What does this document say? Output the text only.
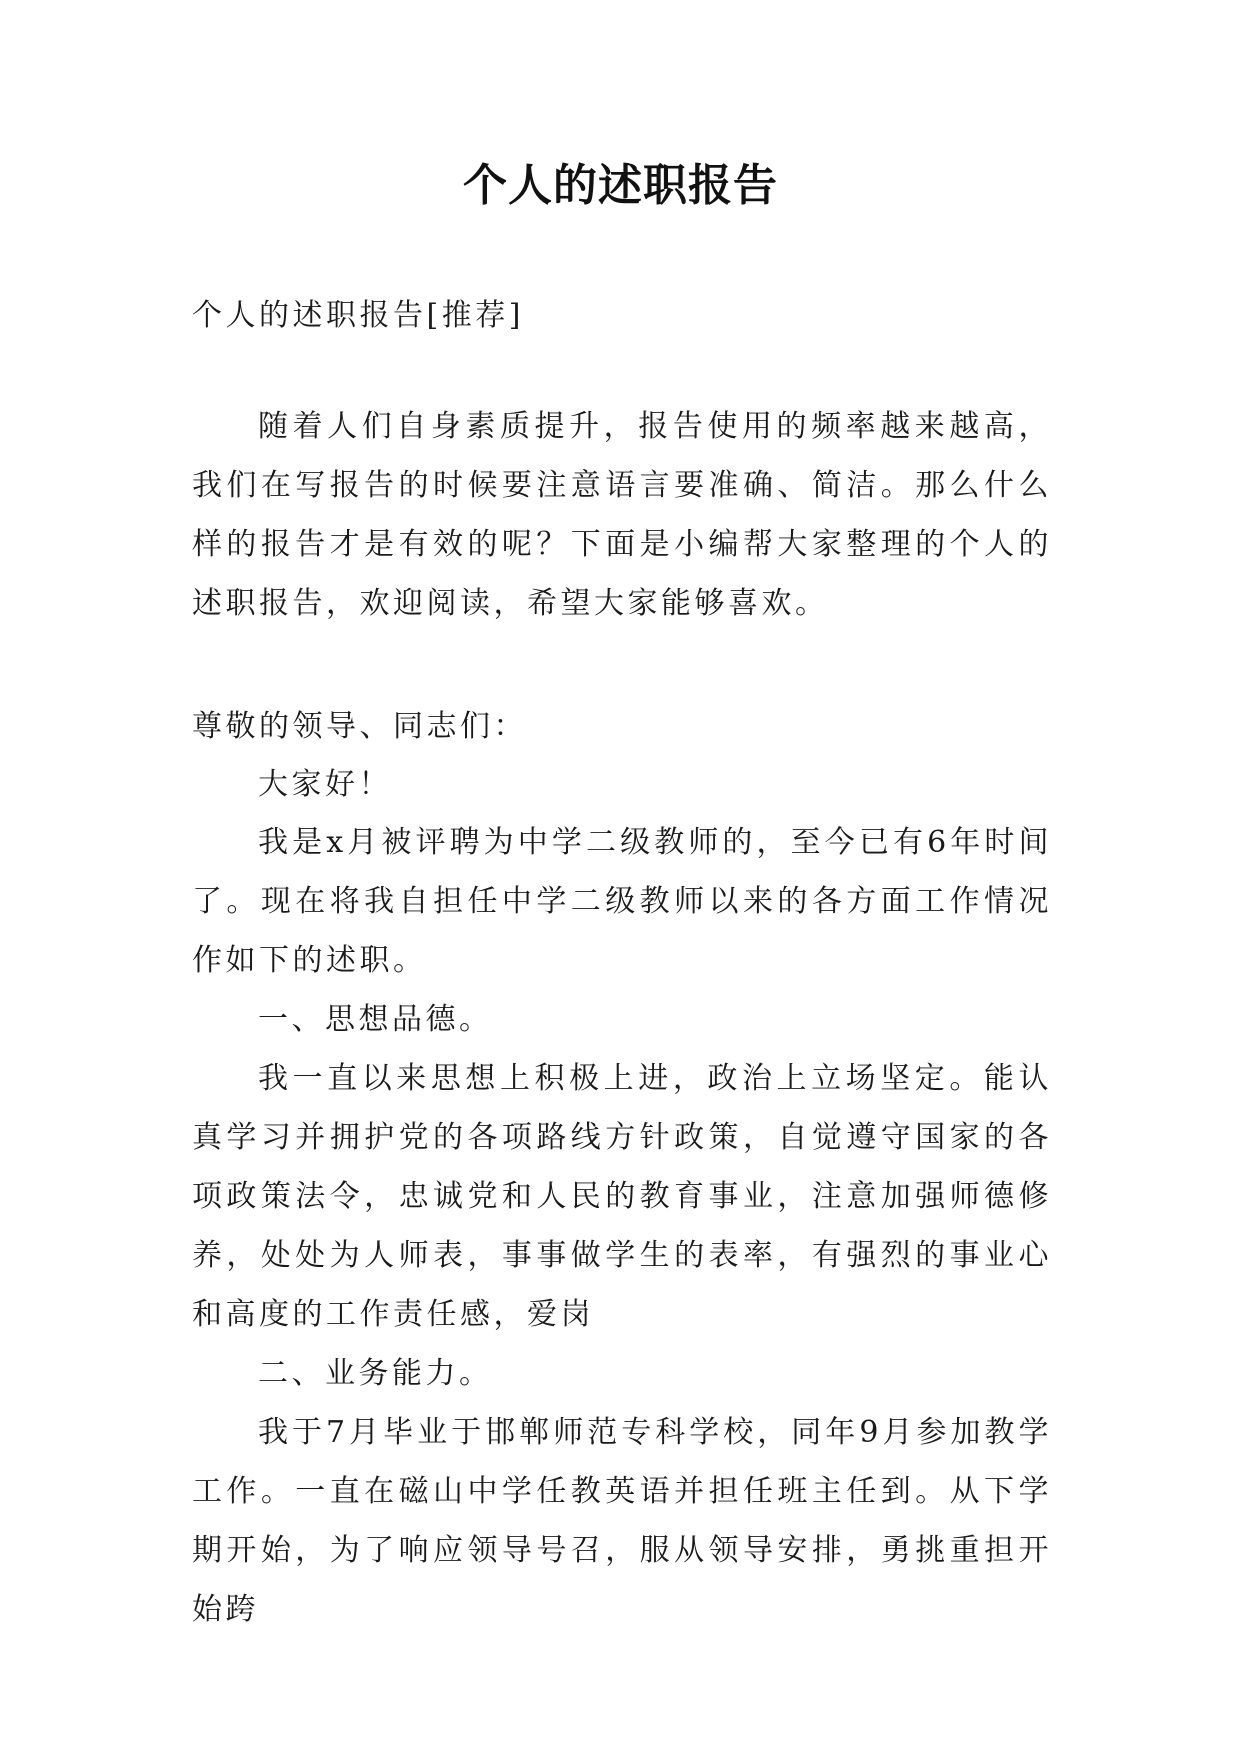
个人的述职报告

个人的述职报告[推荐]

随着人们自身素质提升，报告使用的频率越来越高，我们在写报告的时候要注意语言要准确、简洁。那么什么样的报告才是有效的呢？下面是小编帮大家整理的个人的述职报告，欢迎阅读，希望大家能够喜欢。

尊敬的领导、同志们：

大家好！

我是x月被评聘为中学二级教师的，至今已有6年时间了。现在将我自担任中学二级教师以来的各方面工作情况作如下的述职。

一、思想品德。

我一直以来思想上积极上进，政治上立场坚定。能认真学习并拥护党的各项路线方针政策，自觉遵守国家的各项政策法令，忠诚党和人民的教育事业，注意加强师德修养，处处为人师表，事事做学生的表率，有强烈的事业心和高度的工作责任感，爱岗

二、业务能力。

我于7月毕业于邯郸师范专科学校，同年9月参加教学工作。一直在磁山中学任教英语并担任班主任到。从下学期开始，为了响应领导号召，服从领导安排，勇挑重担开始跨
